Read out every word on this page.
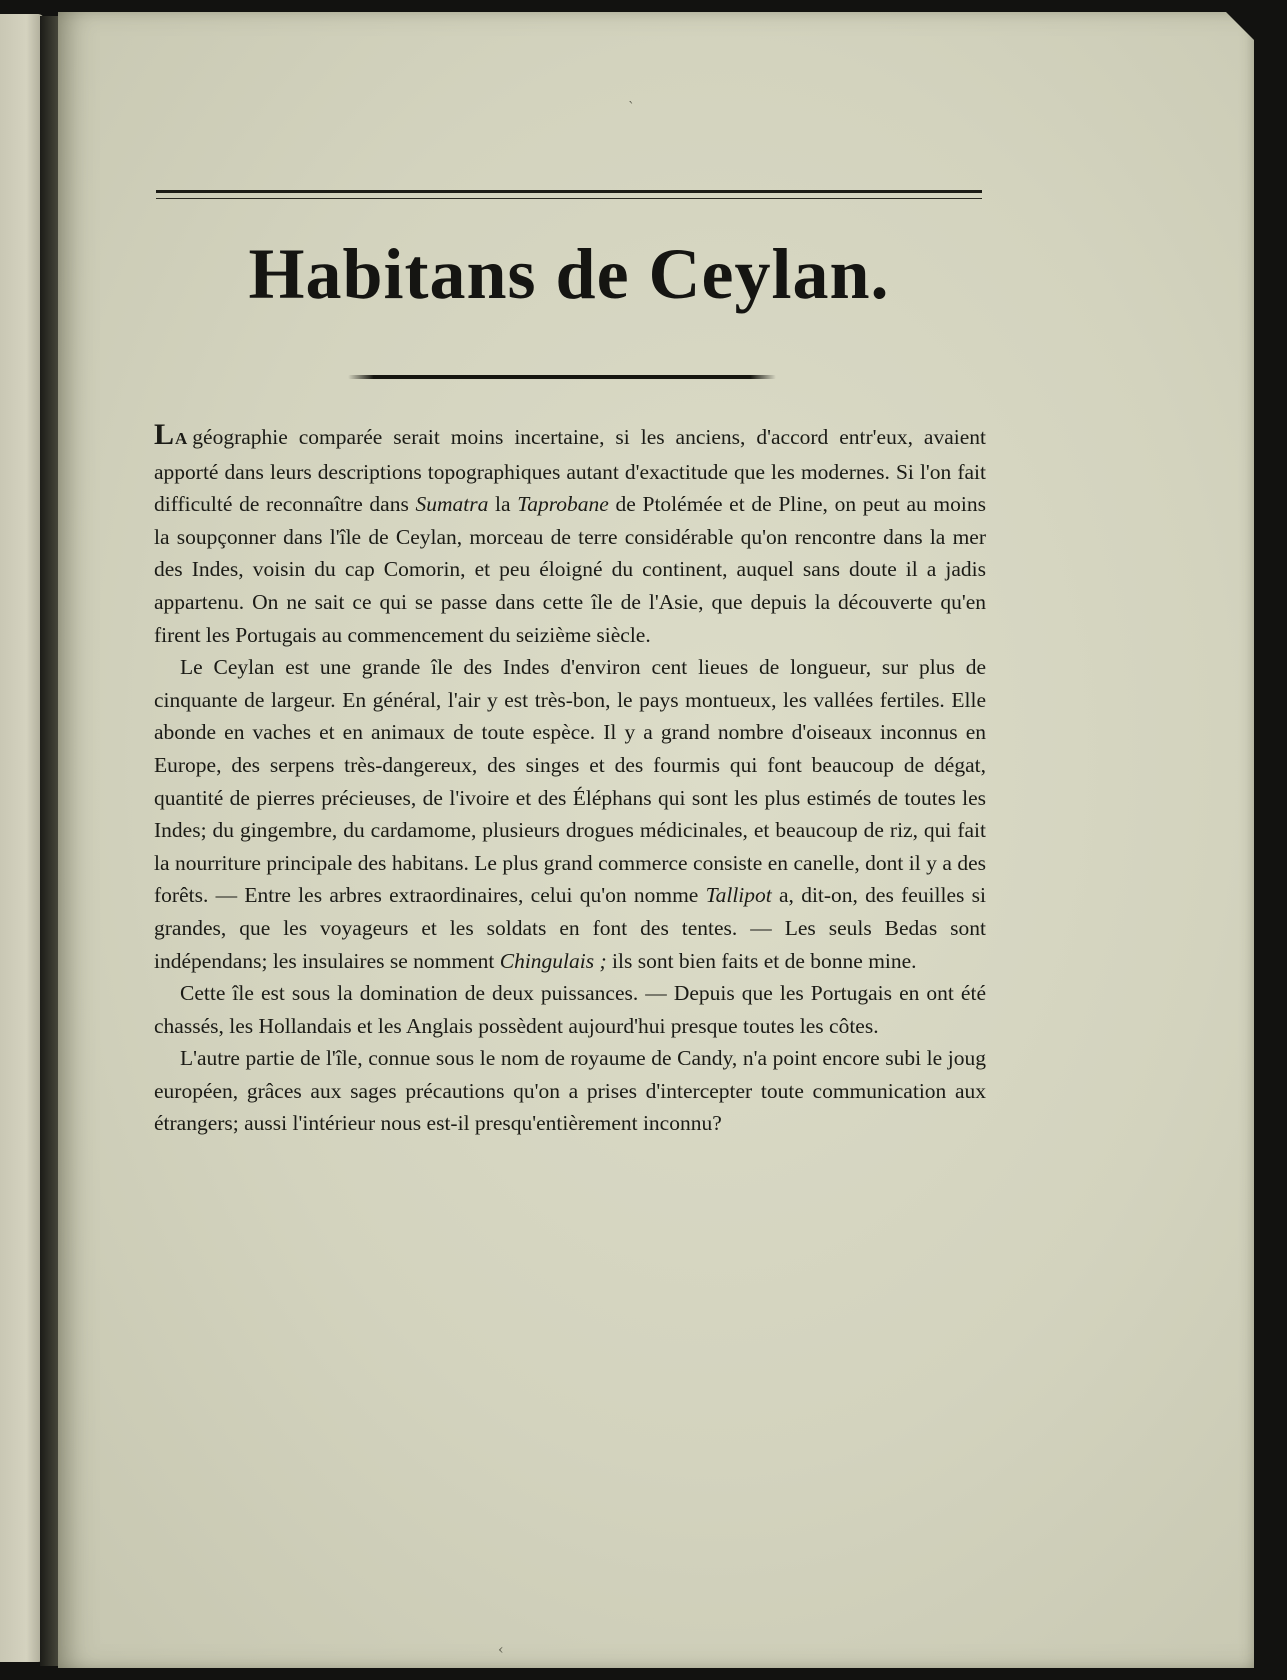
Habitans de Ceylan.

LA géographie comparée serait moins incertaine, si les anciens, d'accord entr'eux, avaient apporté dans leurs descriptions topographiques autant d'exactitude que les modernes. Si l'on fait difficulté de reconnaître dans Sumatra la Taprobane de Ptolémée et de Pline, on peut au moins la soupçonner dans l'île de Ceylan, morceau de terre considérable qu'on rencontre dans la mer des Indes, voisin du cap Comorin, et peu éloigné du continent, auquel sans doute il a jadis appartenu. On ne sait ce qui se passe dans cette île de l'Asie, que depuis la découverte qu'en firent les Portugais au commencement du seizième siècle.

Le Ceylan est une grande île des Indes d'environ cent lieues de longueur, sur plus de cinquante de largeur. En général, l'air y est très-bon, le pays montueux, les vallées fertiles. Elle abonde en vaches et en animaux de toute espèce. Il y a grand nombre d'oiseaux inconnus en Europe, des serpens très-dangereux, des singes et des fourmis qui font beaucoup de dégat, quantité de pierres précieuses, de l'ivoire et des Éléphans qui sont les plus estimés de toutes les Indes; du gingembre, du cardamome, plusieurs drogues médicinales, et beaucoup de riz, qui fait la nourriture principale des habitans. Le plus grand commerce consiste en canelle, dont il y a des forêts. — Entre les arbres extraordinaires, celui qu'on nomme Tallipot a, dit-on, des feuilles si grandes, que les voyageurs et les soldats en font des tentes. — Les seuls Bedas sont indépendans; les insulaires se nomment Chingulais ; ils sont bien faits et de bonne mine.

Cette île est sous la domination de deux puissances. — Depuis que les Portugais en ont été chassés, les Hollandais et les Anglais possèdent aujourd'hui presque toutes les côtes.

L'autre partie de l'île, connue sous le nom de royaume de Candy, n'a point encore subi le joug européen, grâces aux sages précautions qu'on a prises d'intercepter toute communication aux étrangers; aussi l'intérieur nous est-il presqu'entièrement inconnu?

`
‹
